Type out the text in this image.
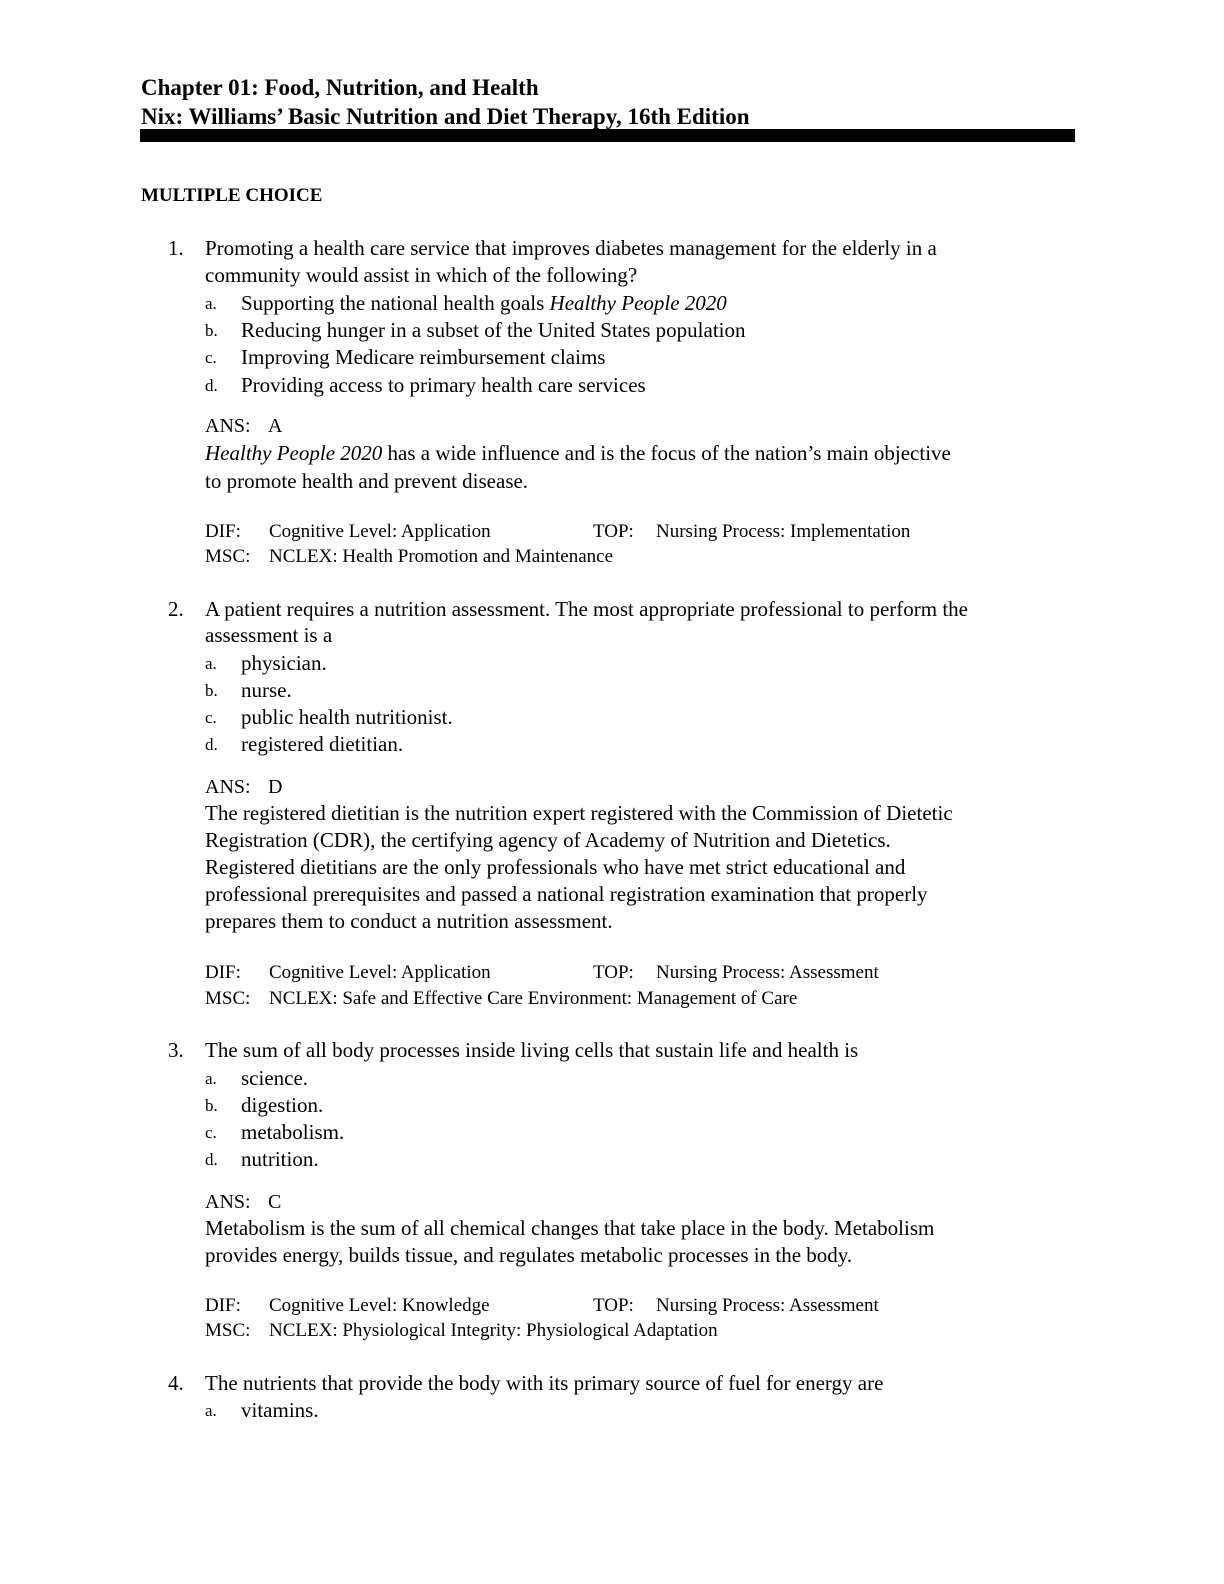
Chapter 01: Food, Nutrition, and Health
Nix: Williams’ Basic Nutrition and Diet Therapy, 16th Edition
MULTIPLE CHOICE
1. Promoting a health care service that improves diabetes management for the elderly in a
community would assist in which of the following?
a. Supporting the national health goals Healthy People 2020
b. Reducing hunger in a subset of the United States population
c. Improving Medicare reimbursement claims
d. Providing access to primary health care services
ANS: A
Healthy People 2020 has a wide influence and is the focus of the nation’s main objective
to promote health and prevent disease.
DIF: Cognitive Level: Application	TOP: Nursing Process: Implementation
MSC: NCLEX: Health Promotion and Maintenance
2. A patient requires a nutrition assessment. The most appropriate professional to perform the
assessment is a
a. physician.
b. nurse.
c. public health nutritionist.
d. registered dietitian.
ANS: D
The registered dietitian is the nutrition expert registered with the Commission of Dietetic
Registration (CDR), the certifying agency of Academy of Nutrition and Dietetics.
Registered dietitians are the only professionals who have met strict educational and
professional prerequisites and passed a national registration examination that properly
prepares them to conduct a nutrition assessment.
DIF: Cognitive Level: Application	TOP: Nursing Process: Assessment
MSC: NCLEX: Safe and Effective Care Environment: Management of Care
3. The sum of all body processes inside living cells that sustain life and health is
a. science.
b. digestion.
c. metabolism.
d. nutrition.
ANS: C
Metabolism is the sum of all chemical changes that take place in the body. Metabolism
provides energy, builds tissue, and regulates metabolic processes in the body.
DIF: Cognitive Level: Knowledge	TOP: Nursing Process: Assessment
MSC: NCLEX: Physiological Integrity: Physiological Adaptation
4. The nutrients that provide the body with its primary source of fuel for energy are
a. vitamins.
